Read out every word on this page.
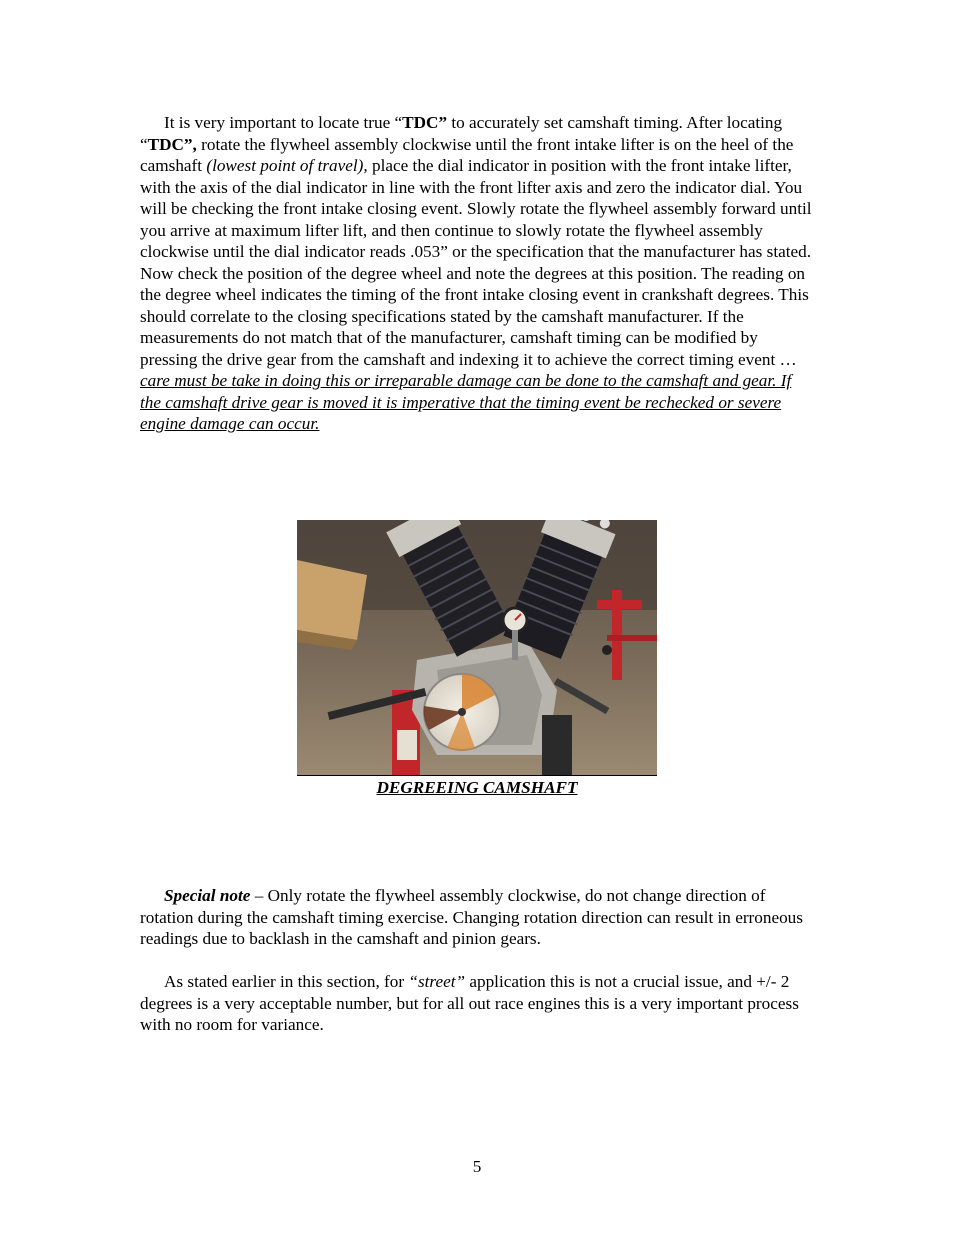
It is very important to locate true “TDC” to accurately set camshaft timing. After locating “TDC”, rotate the flywheel assembly clockwise until the front intake lifter is on the heel of the camshaft (lowest point of travel), place the dial indicator in position with the front intake lifter, with the axis of the dial indicator in line with the front lifter axis and zero the indicator dial. You will be checking the front intake closing event. Slowly rotate the flywheel assembly forward until you arrive at maximum lifter lift, and then continue to slowly rotate the flywheel assembly clockwise until the dial indicator reads .053” or the specification that the manufacturer has stated. Now check the position of the degree wheel and note the degrees at this position. The reading on the degree wheel indicates the timing of the front intake closing event in crankshaft degrees. This should correlate to the closing specifications stated by the camshaft manufacturer. If the measurements do not match that of the manufacturer, camshaft timing can be modified by pressing the drive gear from the camshaft and indexing it to achieve the correct timing event … care must be take in doing this or irreparable damage can be done to the camshaft and gear. If the camshaft drive gear is moved it is imperative that the timing event be rechecked or severe engine damage can occur.

DEGREEING CAMSHAFT

Special note – Only rotate the flywheel assembly clockwise, do not change direction of rotation during the camshaft timing exercise. Changing rotation direction can result in erroneous readings due to backlash in the camshaft and pinion gears.

As stated earlier in this section, for “street” application this is not a crucial issue, and +/- 2 degrees is a very acceptable number, but for all out race engines this is a very important process with no room for variance.

5
